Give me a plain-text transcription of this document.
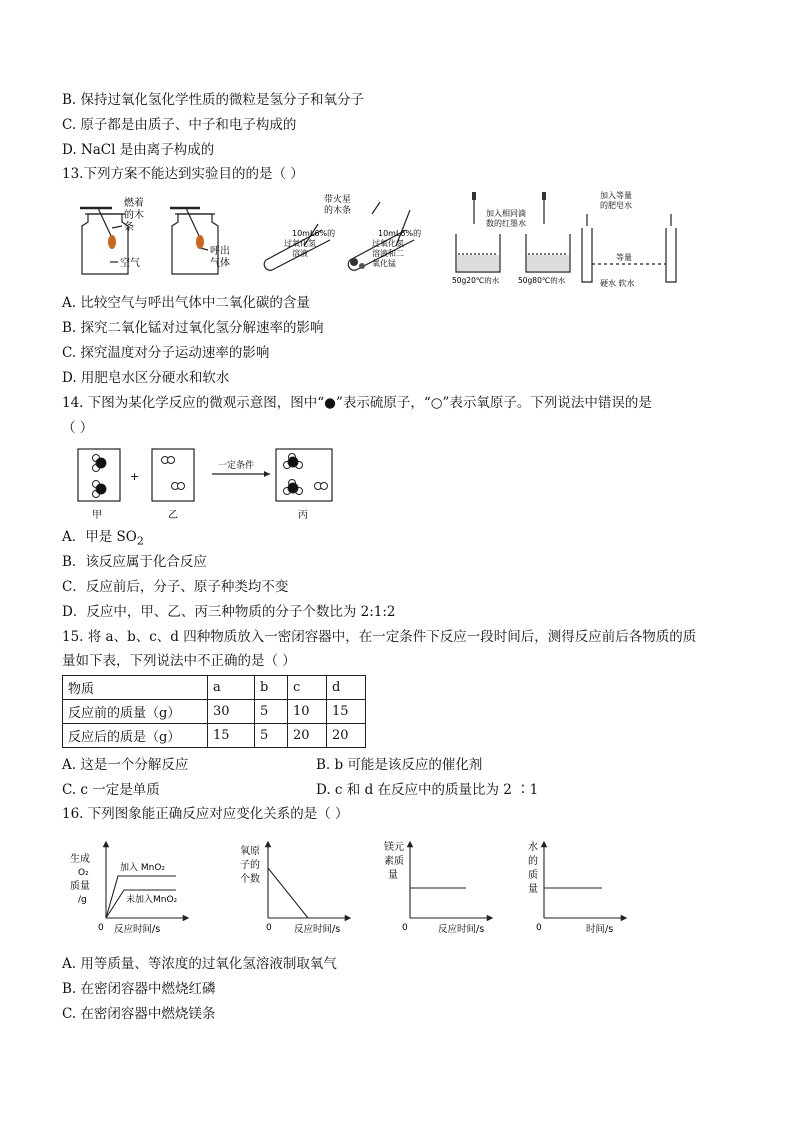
B. 保持过氧化氢化学性质的微粒是氢分子和氧分子
C. 原子都是由质子、中子和电子构成的
D. NaCl 是由离子构成的
13.下列方案不能达到实验目的的是（ ）
燃着
的木
条
空气
呼出
气体
带火星
的木条
10mL6%的
过氧化氢
溶液
10mL6%的
过氧化氢
溶液和二
氧化锰
加入相同滴
数的红墨水
50g20℃的水 50g80℃的水
加入等量
的肥皂水
等量
硬水 软水
A. 比较空气与呼出气体中二氧化碳的含量
B. 探究二氧化锰对过氧化氢分解速率的影响
C. 探究温度对分子运动速率的影响
D. 用肥皂水区分硬水和软水
14. 下图为某化学反应的微观示意图，图中“●”表示硫原子，“○”表示氧原子。下列说法中错误的是
（ ）
+
一定条件
甲	乙	丙
A．甲是 $SO_2$
B．该反应属于化合反应
C．反应前后，分子、原子种类均不变
D．反应中，甲、乙、丙三种物质的分子个数比为 2:1:2
15. 将 a、b、c、d 四种物质放入一密闭容器中，在一定条件下反应一段时间后，测得反应前后各物质的质
量如下表，下列说法中不正确的是（ ）
物质	a	b	c	d
反应前的质量（g）	30	5	10	15
反应后的质是（g）	15	5	20	20
A. 这是一个分解反应	B. b 可能是该反应的催化剂
C. c 一定是单质	D. c 和 d 在反应中的质量比为 2 ∶1
16. 下列图象能正确反应对应变化关系的是（ ）
生成
O₂
质量
/g
加入 MnO₂
未加入MnO₂
0 反应时间/s
氧原
子的
个数
0 反应时间/s
镁元
素质
量
0	反应时间/s
水
的
质
量
0	时间/s
A. 用等质量、等浓度的过氧化氢溶液制取氧气
B. 在密闭容器中燃烧红磷
C. 在密闭容器中燃烧镁条
